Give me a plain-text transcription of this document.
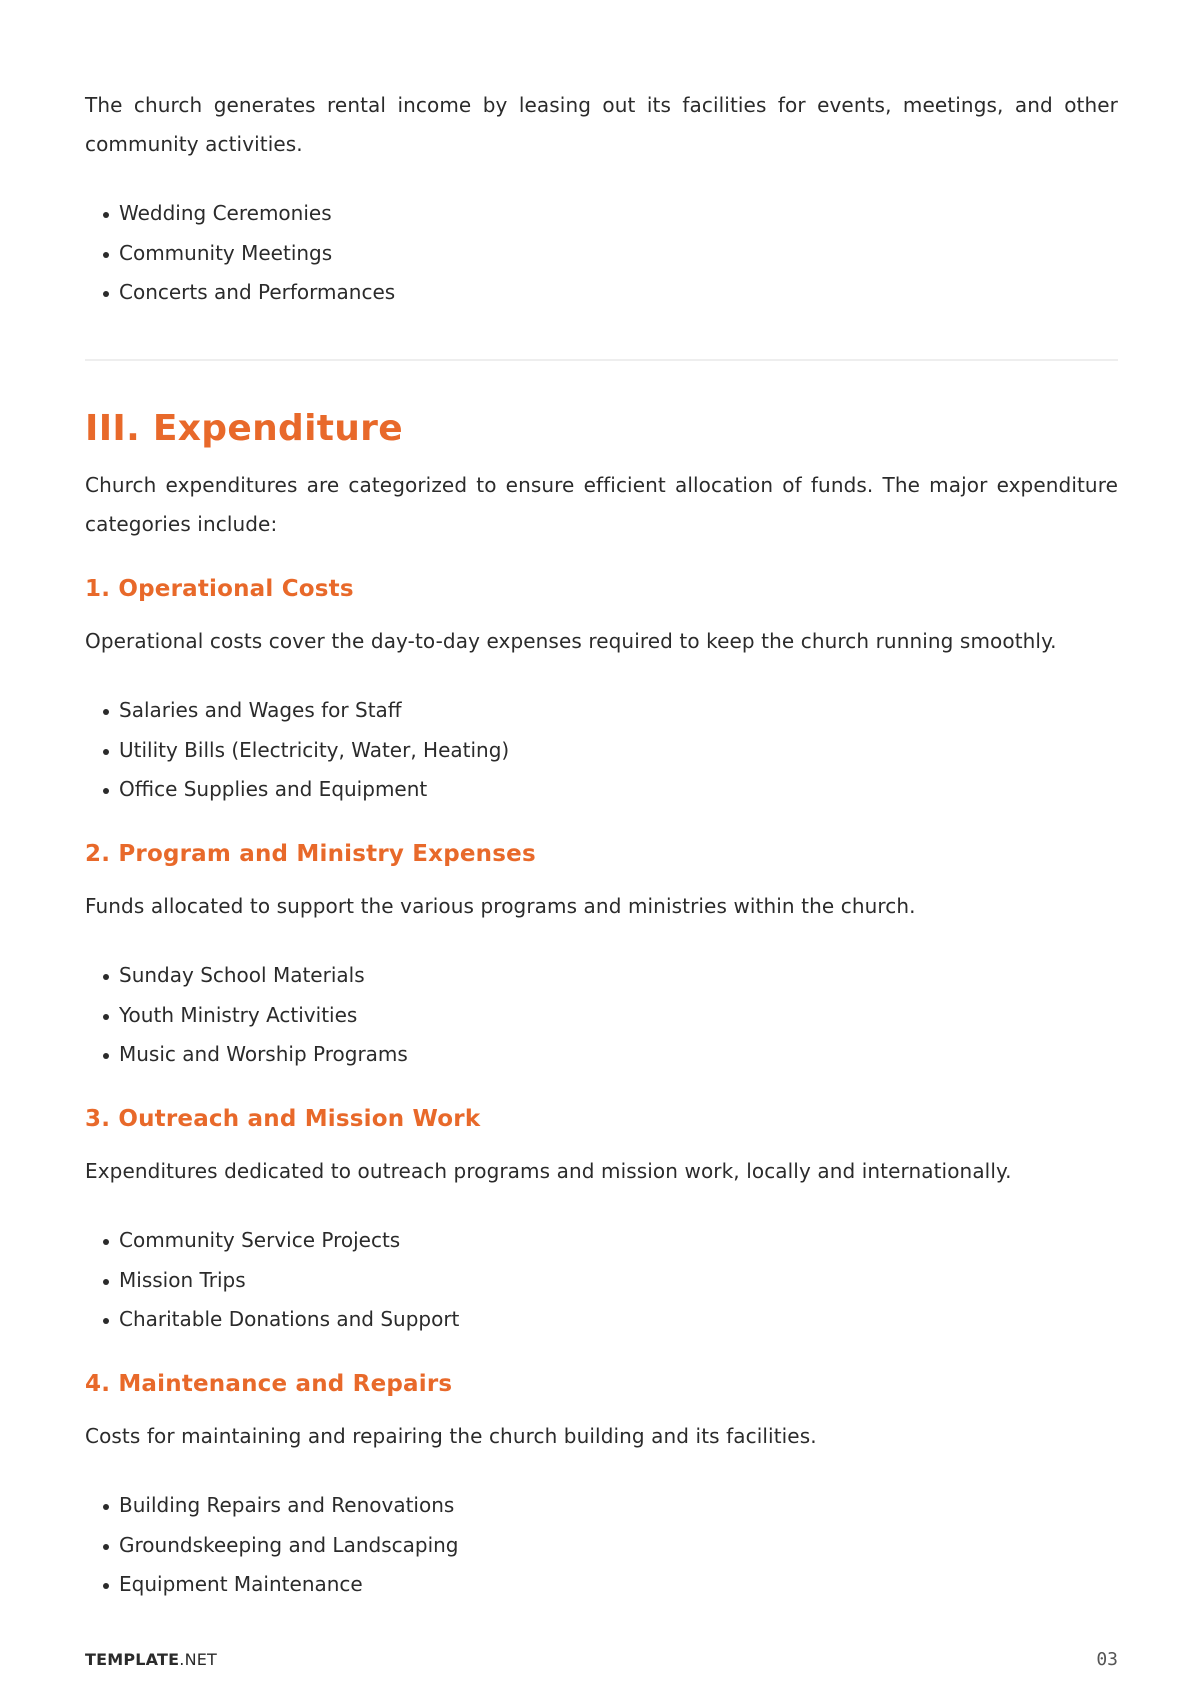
The church generates rental income by leasing out its facilities for events, meetings, and other community activities.

Wedding Ceremonies
Community Meetings
Concerts and Performances
III. Expenditure

Church expenditures are categorized to ensure efficient allocation of funds. The major expenditure categories include:

1. Operational Costs

Operational costs cover the day-to-day expenses required to keep the church running smoothly.

Salaries and Wages for Staff
Utility Bills (Electricity, Water, Heating)
Office Supplies and Equipment
2. Program and Ministry Expenses

Funds allocated to support the various programs and ministries within the church.

Sunday School Materials
Youth Ministry Activities
Music and Worship Programs
3. Outreach and Mission Work

Expenditures dedicated to outreach programs and mission work, locally and internationally.

Community Service Projects
Mission Trips
Charitable Donations and Support
4. Maintenance and Repairs

Costs for maintaining and repairing the church building and its facilities.

Building Repairs and Renovations
Groundskeeping and Landscaping
Equipment Maintenance
TEMPLATE.NET	03
